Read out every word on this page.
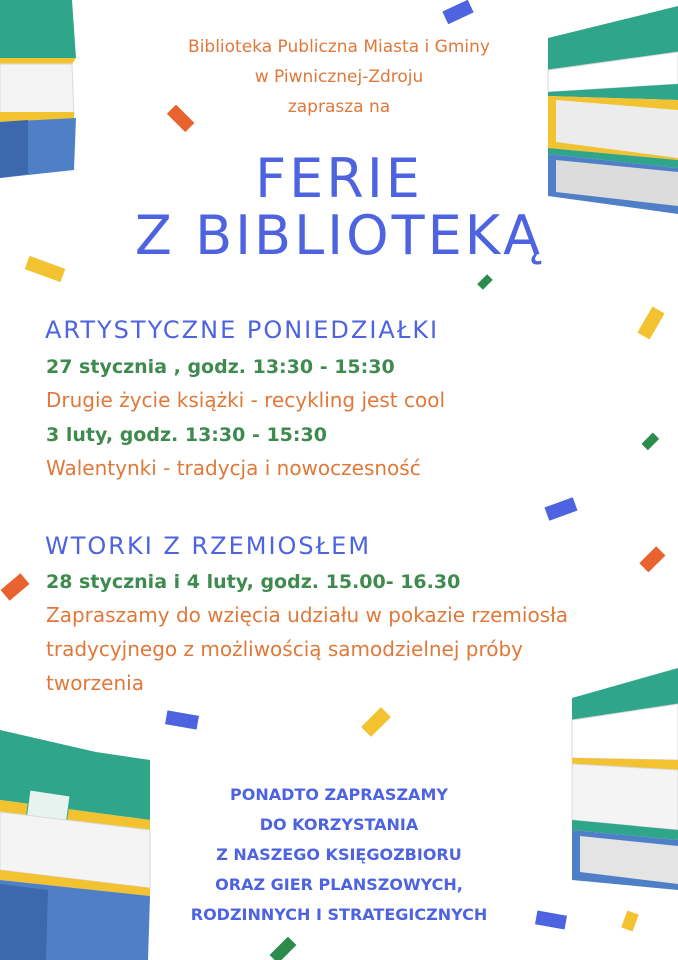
Biblioteka Publiczna Miasta i Gminy
w Piwnicznej-Zdroju
zaprasza na
FERIE
Z BIBLIOTEKĄ
ARTYSTYCZNE PONIEDZIAŁKI
27 stycznia , godz. 13:30 - 15:30
Drugie życie książki - recykling jest cool
3 luty, godz. 13:30 - 15:30
Walentynki - tradycja i nowoczesność
WTORKI Z RZEMIOSŁEM
28 stycznia i 4 luty, godz. 15.00- 16.30
Zapraszamy do wzięcia udziału w pokazie rzemiosła
tradycyjnego z możliwością samodzielnej próby
tworzenia
PONADTO ZAPRASZAMY
DO KORZYSTANIA
Z NASZEGO KSIĘGOZBIORU
ORAZ GIER PLANSZOWYCH,
RODZINNYCH I STRATEGICZNYCH
